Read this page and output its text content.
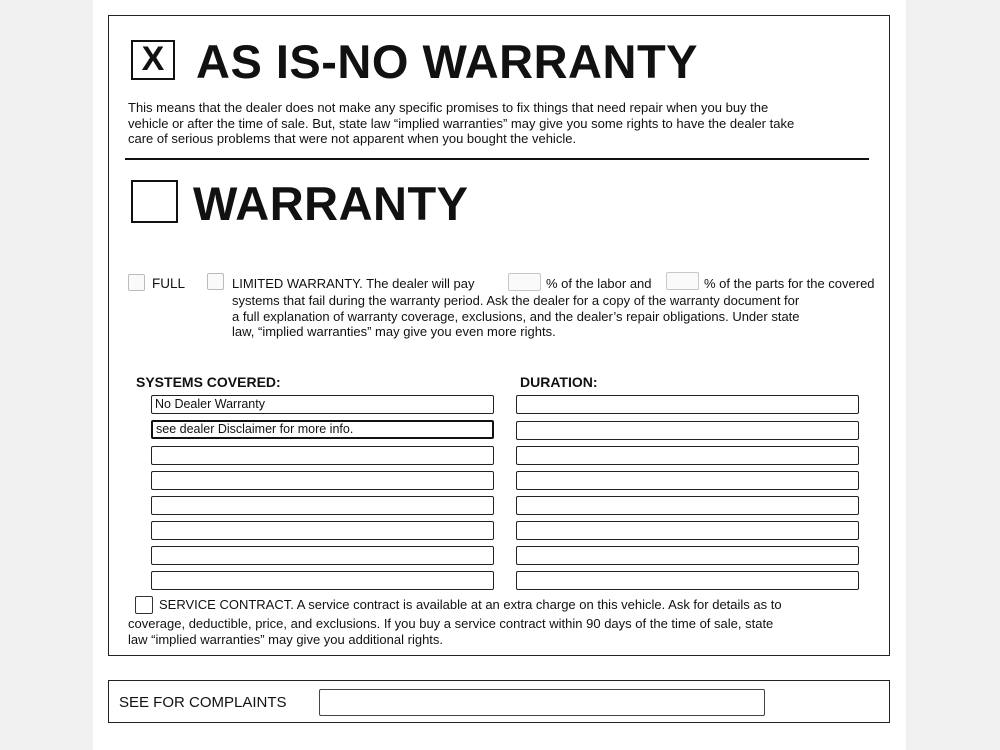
X AS IS-NO WARRANTY
This means that the dealer does not make any specific promises to fix things that need repair when you buy the
vehicle or after the time of sale. But, state law “implied warranties” may give you some rights to have the dealer take
care of serious problems that were not apparent when you bought the vehicle.
WARRANTY
FULL	LIMITED WARRANTY. The dealer will pay	% of the labor and	% of the parts for the covered
systems that fail during the warranty period. Ask the dealer for a copy of the warranty document for
a full explanation of warranty coverage, exclusions, and the dealer’s repair obligations. Under state
law, “implied warranties” may give you even more rights.
SYSTEMS COVERED:	DURATION:
No Dealer Warranty
see dealer Disclaimer for more info.
SERVICE CONTRACT. A service contract is available at an extra charge on this vehicle. Ask for details as to
coverage, deductible, price, and exclusions. If you buy a service contract within 90 days of the time of sale, state
law “implied warranties” may give you additional rights.
SEE FOR COMPLAINTS
